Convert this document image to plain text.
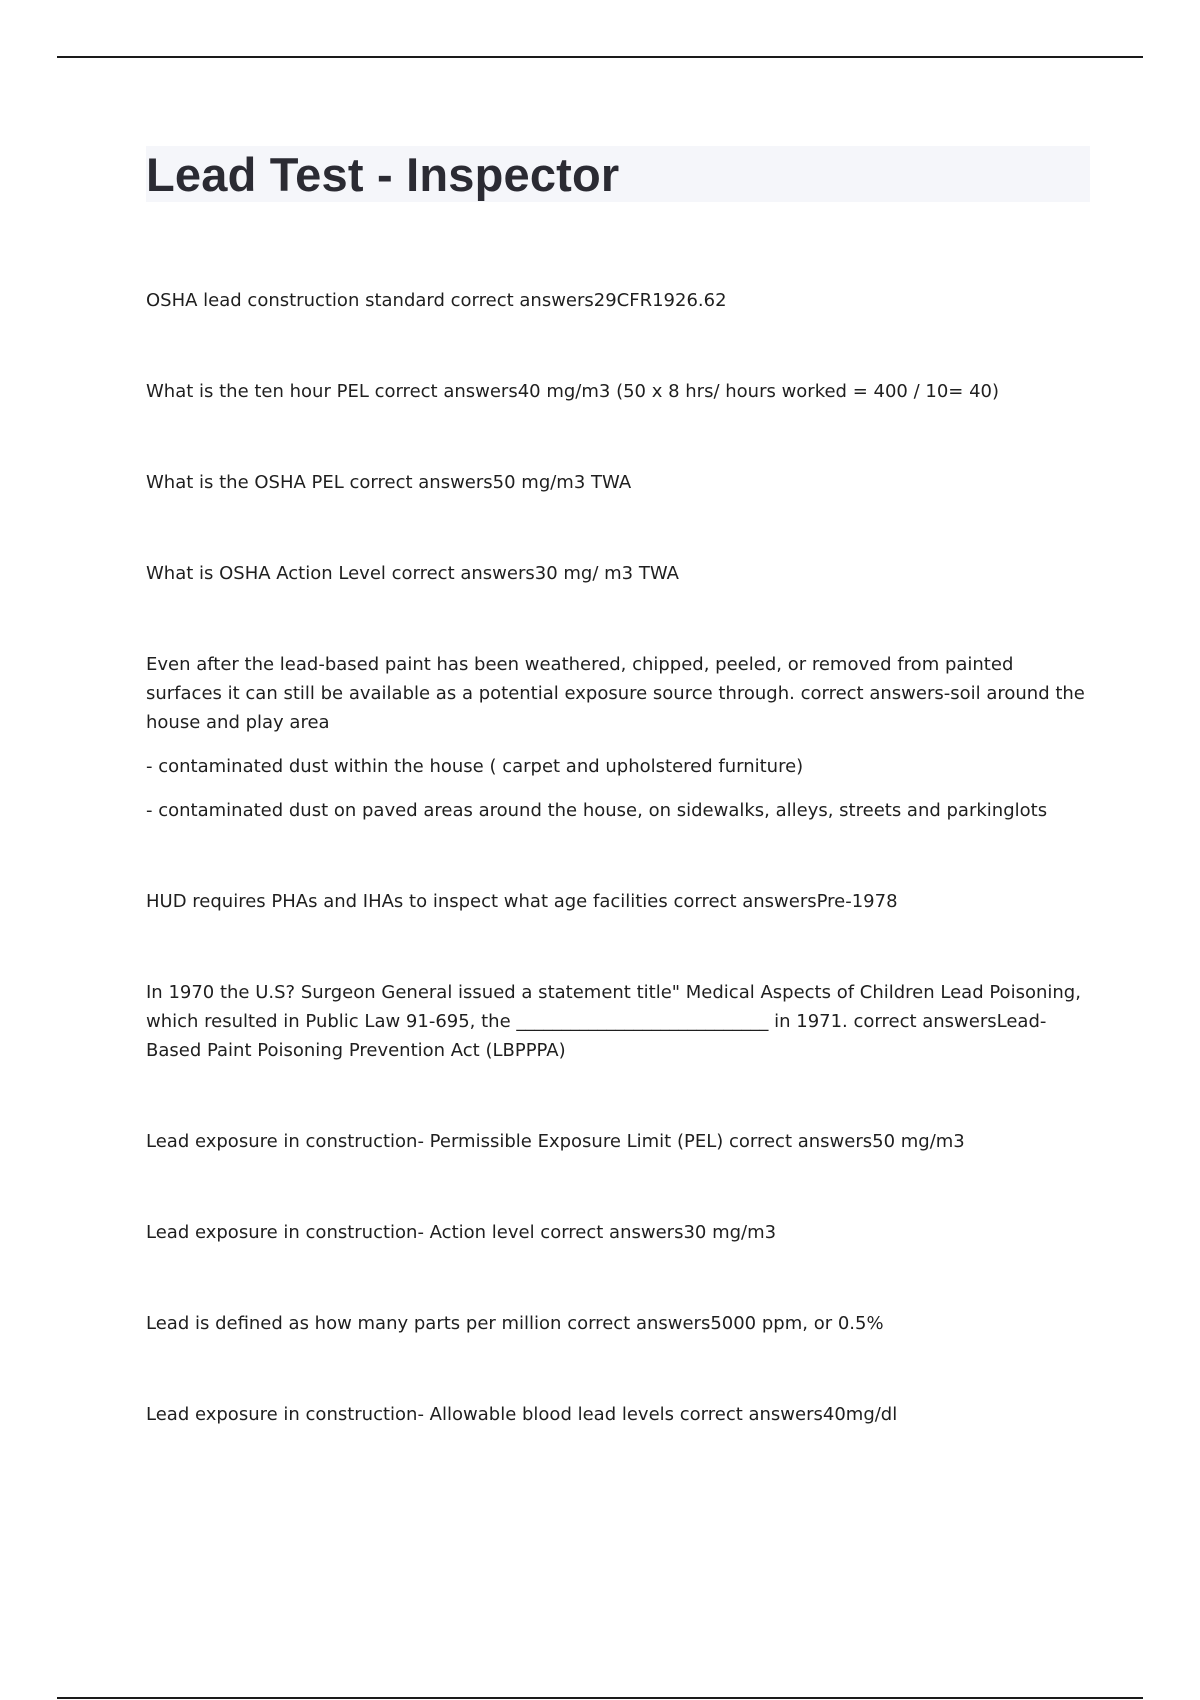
Lead Test - Inspector

OSHA lead construction standard correct answers29CFR1926.62

What is the ten hour PEL correct answers40 mg/m3 (50 x 8 hrs/ hours worked = 400 / 10= 40)

What is the OSHA PEL correct answers50 mg/m3 TWA

What is OSHA Action Level correct answers30 mg/ m3 TWA

Even after the lead-based paint has been weathered, chipped, peeled, or removed from painted surfaces it can still be available as a potential exposure source through. correct answers-soil around the house and play area

- contaminated dust within the house ( carpet and upholstered furniture)

- contaminated dust on paved areas around the house, on sidewalks, alleys, streets and parkinglots

HUD requires PHAs and IHAs to inspect what age facilities correct answersPre-1978

In 1970 the U.S? Surgeon General issued a statement title" Medical Aspects of Children Lead Poisoning, which resulted in Public Law 91-695, the ____________________________ in 1971. correct answersLead-Based Paint Poisoning Prevention Act (LBPPPA)

Lead exposure in construction- Permissible Exposure Limit (PEL) correct answers50 mg/m3

Lead exposure in construction- Action level correct answers30 mg/m3

Lead is defined as how many parts per million correct answers5000 ppm, or 0.5%

Lead exposure in construction- Allowable blood lead levels correct answers40mg/dl
